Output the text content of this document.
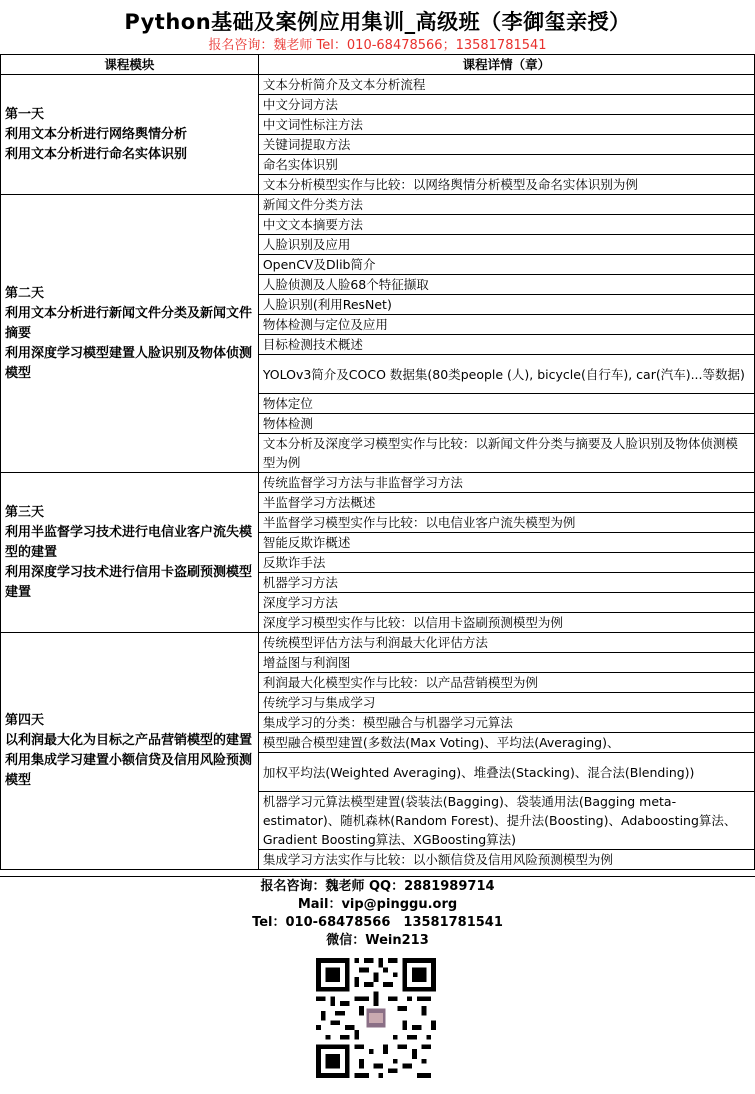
Python基础及案例应用集训_高级班（李御玺亲授）
报名咨询：魏老师 Tel：010-68478566；13581781541
课程模块	课程详情（章）
第一天
利用文本分析进行网络舆情分析
利用文本分析进行命名实体识别	文本分析简介及文本分析流程
	中文分词方法
	中文词性标注方法
	关键词提取方法
	命名实体识别
	文本分析模型实作与比较：以网络舆情分析模型及命名实体识别为例
第二天
利用文本分析进行新闻文件分类及新闻文件摘要
利用深度学习模型建置人脸识别及物体侦测模型	新闻文件分类方法
	中文文本摘要方法
	人脸识别及应用
	OpenCV及Dlib简介
	人脸侦测及人脸68个特征撷取
	人脸识别(利用ResNet)
	物体检测与定位及应用
	目标检测技术概述
	YOLOv3简介及COCO 数据集(80类people (人), bicycle(自行车), car(汽车)...等数据)
	物体定位
	物体检测
	文本分析及深度学习模型实作与比较：以新闻文件分类与摘要及人脸识别及物体侦测模型为例
第三天
利用半监督学习技术进行电信业客户流失模型的建置
利用深度学习技术进行信用卡盗刷预测模型建置	传统监督学习方法与非监督学习方法
	半监督学习方法概述
	半监督学习模型实作与比较：以电信业客户流失模型为例
	智能反欺诈概述
	反欺诈手法
	机器学习方法
	深度学习方法
	深度学习模型实作与比较：以信用卡盗刷预测模型为例
第四天
以利润最大化为目标之产品营销模型的建置
利用集成学习建置小额信贷及信用风险预测模型	传统模型评估方法与利润最大化评估方法
	增益图与利润图
	利润最大化模型实作与比较：以产品营销模型为例
	传统学习与集成学习
	集成学习的分类：模型融合与机器学习元算法
	模型融合模型建置(多数法(Max Voting)、平均法(Averaging)、
	加权平均法(Weighted Averaging)、堆叠法(Stacking)、混合法(Blending))
	机器学习元算法模型建置(袋装法(Bagging)、袋装通用法(Bagging meta-estimator)、随机森林(Random Forest)、提升法(Boosting)、Adaboosting算法、Gradient Boosting算法、XGBoosting算法)
	集成学习方法实作与比较：以小额信贷及信用风险预测模型为例
报名咨询：魏老师 QQ：2881989714
Mail：vip@pinggu.org
Tel：010-68478566　13581781541
微信：Wein213
